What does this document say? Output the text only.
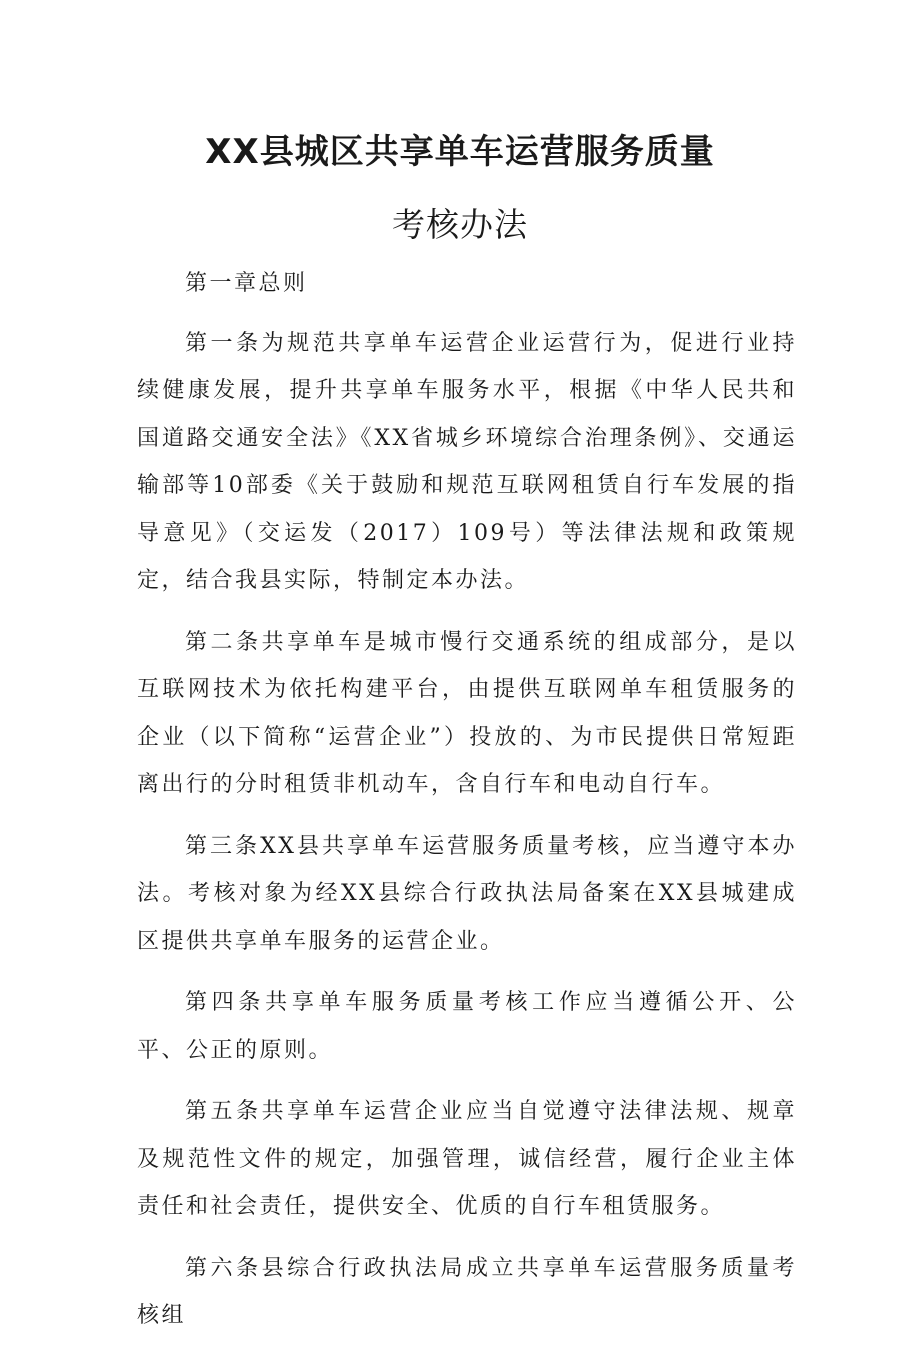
XX县城区共享单车运营服务质量
考核办法

第一章总则

第一条为规范共享单车运营企业运营行为，促进行业持续健康发展，提升共享单车服务水平，根据《中华人民共和国道路交通安全法》《XX省城乡环境综合治理条例》、交通运输部等10部委《关于鼓励和规范互联网租赁自行车发展的指导意见》（交运发（2017）109号）等法律法规和政策规定，结合我县实际，特制定本办法。

第二条共享单车是城市慢行交通系统的组成部分，是以互联网技术为依托构建平台，由提供互联网单车租赁服务的企业（以下简称“运营企业”）投放的、为市民提供日常短距离出行的分时租赁非机动车，含自行车和电动自行车。

第三条XX县共享单车运营服务质量考核，应当遵守本办法。考核对象为经XX县综合行政执法局备案在XX县城建成区提供共享单车服务的运营企业。

第四条共享单车服务质量考核工作应当遵循公开、公平、公正的原则。

第五条共享单车运营企业应当自觉遵守法律法规、规章及规范性文件的规定，加强管理，诚信经营，履行企业主体责任和社会责任，提供安全、优质的自行车租赁服务。

第六条县综合行政执法局成立共享单车运营服务质量考核组
